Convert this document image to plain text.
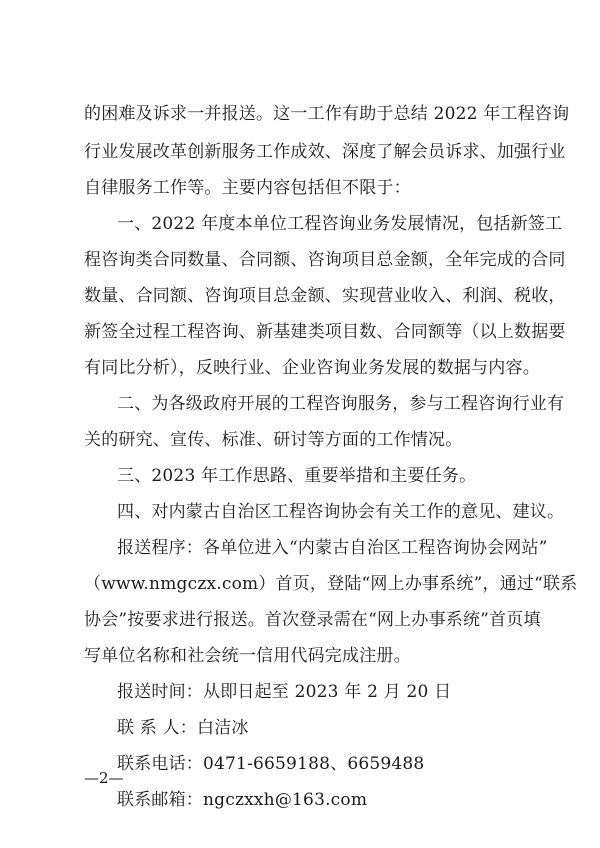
的困难及诉求一并报送。这一工作有助于总结 2022 年工程咨询
行业发展改革创新服务工作成效、深度了解会员诉求、加强行业
自律服务工作等。主要内容包括但不限于：
一、2022 年度本单位工程咨询业务发展情况，包括新签工
程咨询类合同数量、合同额、咨询项目总金额，全年完成的合同
数量、合同额、咨询项目总金额、实现营业收入、利润、税收，
新签全过程工程咨询、新基建类项目数、合同额等（以上数据要
有同比分析），反映行业、企业咨询业务发展的数据与内容。
二、为各级政府开展的工程咨询服务，参与工程咨询行业有
关的研究、宣传、标准、研讨等方面的工作情况。
三、2023 年工作思路、重要举措和主要任务。
四、对内蒙古自治区工程咨询协会有关工作的意见、建议。
报送程序：各单位进入“内蒙古自治区工程咨询协会网站”
（www.nmgczx.com）首页，登陆“网上办事系统”，通过“联系
协会”按要求进行报送。首次登录需在“网上办事系统”首页填
写单位名称和社会统一信用代码完成注册。
报送时间：从即日起至 2023 年 2 月 20 日
联 系 人：白洁冰
联系电话：0471-6659188、6659488
联系邮箱：ngczxxh@163.com
—2—
